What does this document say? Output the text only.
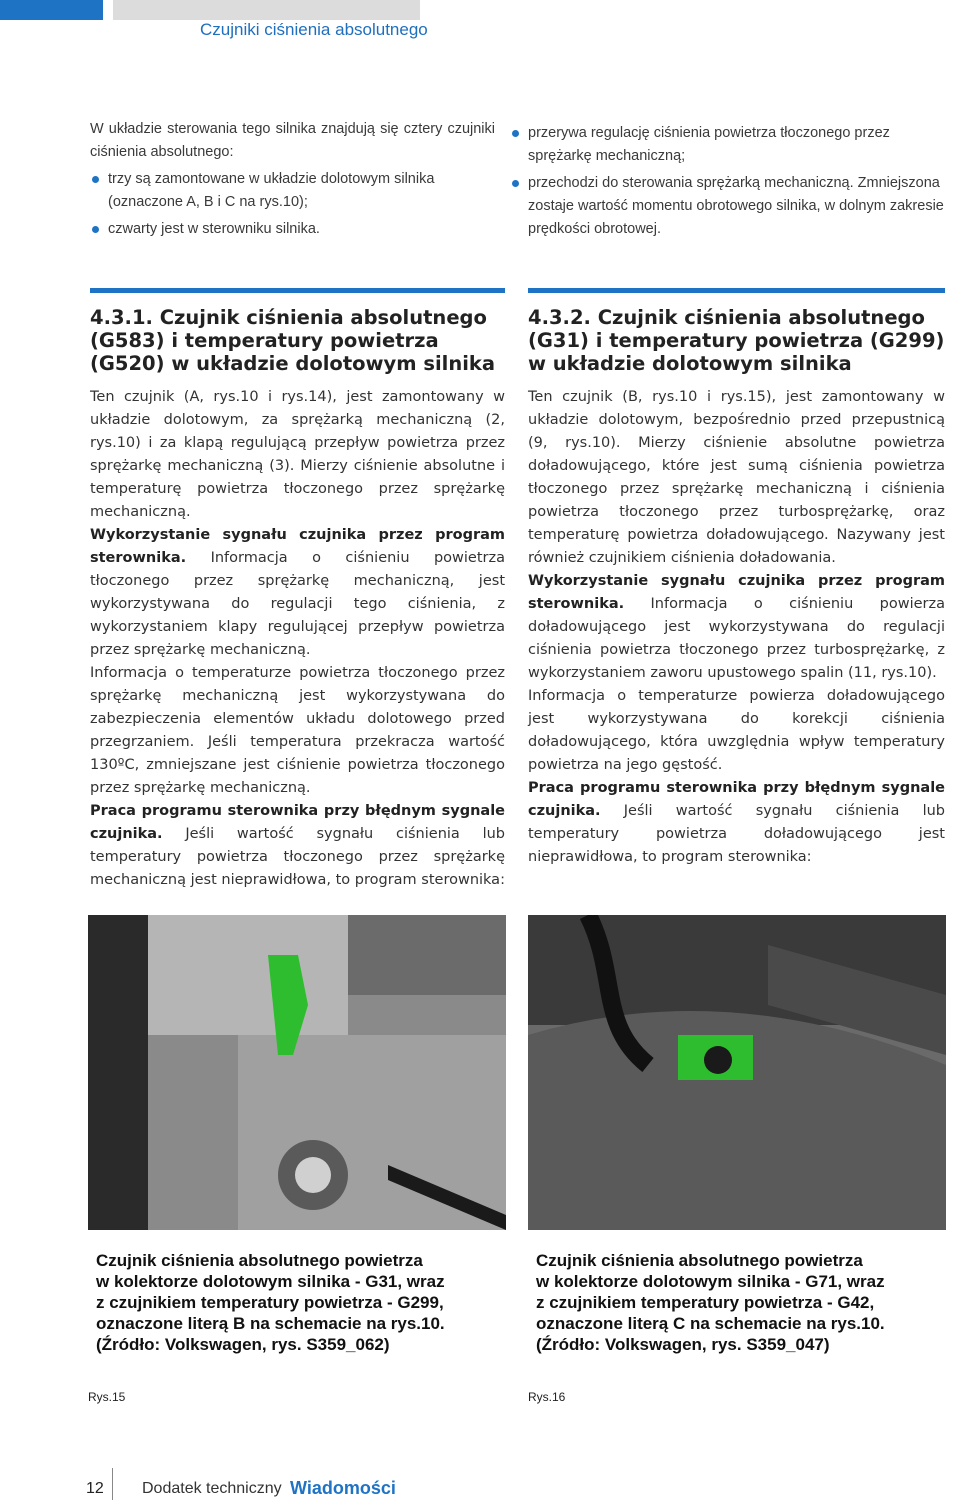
Czujniki ciśnienia absolutnego

W układzie sterowania tego silnika znajdują się cztery czujniki ciśnienia absolutnego:

trzy są zamontowane w układzie dolotowym silnika (oznaczone A, B i C na rys.10);
czwarty jest w sterowniku silnika.
przerywa regulację ciśnienia powietrza tłoczonego przez sprężarkę mechaniczną;
przechodzi do sterowania sprężarką mechaniczną. Zmniejszona zostaje wartość momentu obrotowego silnika, w dolnym zakresie prędkości obrotowej.
4.3.1. Czujnik ciśnienia absolutnego (G583) i temperatury powietrza (G520) w układzie dolotowym silnika

Ten czujnik (A, rys.10 i rys.14), jest zamontowany w układzie dolotowym, za sprężarką mechaniczną (2, rys.10) i za klapą regulującą przepływ powietrza przez sprężarkę mechaniczną (3). Mierzy ciśnienie absolutne i temperaturę powietrza tłoczonego przez sprężarkę mechaniczną.

Wykorzystanie sygnału czujnika przez program sterownika. Informacja o ciśnieniu powietrza tłoczonego przez sprężarkę mechaniczną, jest wykorzystywana do regulacji tego ciśnienia, z wykorzystaniem klapy regulującej przepływ powietrza przez sprężarkę mechaniczną.

Informacja o temperaturze powietrza tłoczonego przez sprężarkę mechaniczną jest wykorzystywana do zabezpieczenia elementów układu dolotowego przed przegrzaniem. Jeśli temperatura przekracza wartość 130ºC, zmniejszane jest ciśnienie powietrza tłoczonego przez sprężarkę mechaniczną.

Praca programu sterownika przy błędnym sygnale czujnika. Jeśli wartość sygnału ciśnienia lub temperatury powietrza tłoczonego przez sprężarkę mechaniczną jest nieprawidłowa, to program sterownika:

4.3.2. Czujnik ciśnienia absolutnego (G31) i temperatury powietrza (G299) w układzie dolotowym silnika

Ten czujnik (B, rys.10 i rys.15), jest zamontowany w układzie dolotowym, bezpośrednio przed przepustnicą (9, rys.10). Mierzy ciśnienie absolutne powietrza doładowującego, które jest sumą ciśnienia powietrza tłoczonego przez sprężarkę mechaniczną i ciśnienia powietrza tłoczonego przez turbosprężarkę, oraz temperaturę powietrza doładowującego. Nazywany jest również czujnikiem ciśnienia doładowania.

Wykorzystanie sygnału czujnika przez program sterownika. Informacja o ciśnieniu powierza doładowującego jest wykorzystywana do regulacji ciśnienia powietrza tłoczonego przez turbosprężarkę, z wykorzystaniem zaworu upustowego spalin (11, rys.10).

Informacja o temperaturze powierza doładowującego jest wykorzystywana do korekcji ciśnienia doładowującego, która uwzględnia wpływ temperatury powietrza na jego gęstość.

Praca programu sterownika przy błędnym sygnale czujnika. Jeśli wartość sygnału ciśnienia lub temperatury powietrza doładowującego jest nieprawidłowa, to program sterownika:

Czujnik ciśnienia absolutnego powietrza
w kolektorze dolotowym silnika - G31, wraz
z czujnikiem temperatury powietrza - G299,
oznaczone literą B na schemacie na rys.10.
(Źródło: Volkswagen, rys. S359_062)
Rys.15
Czujnik ciśnienia absolutnego powietrza
w kolektorze dolotowym silnika - G71, wraz
z czujnikiem temperatury powietrza - G42,
oznaczone literą C na schemacie na rys.10.
(Źródło: Volkswagen, rys. S359_047)
Rys.16
12 Dodatek techniczny Wiadomości
